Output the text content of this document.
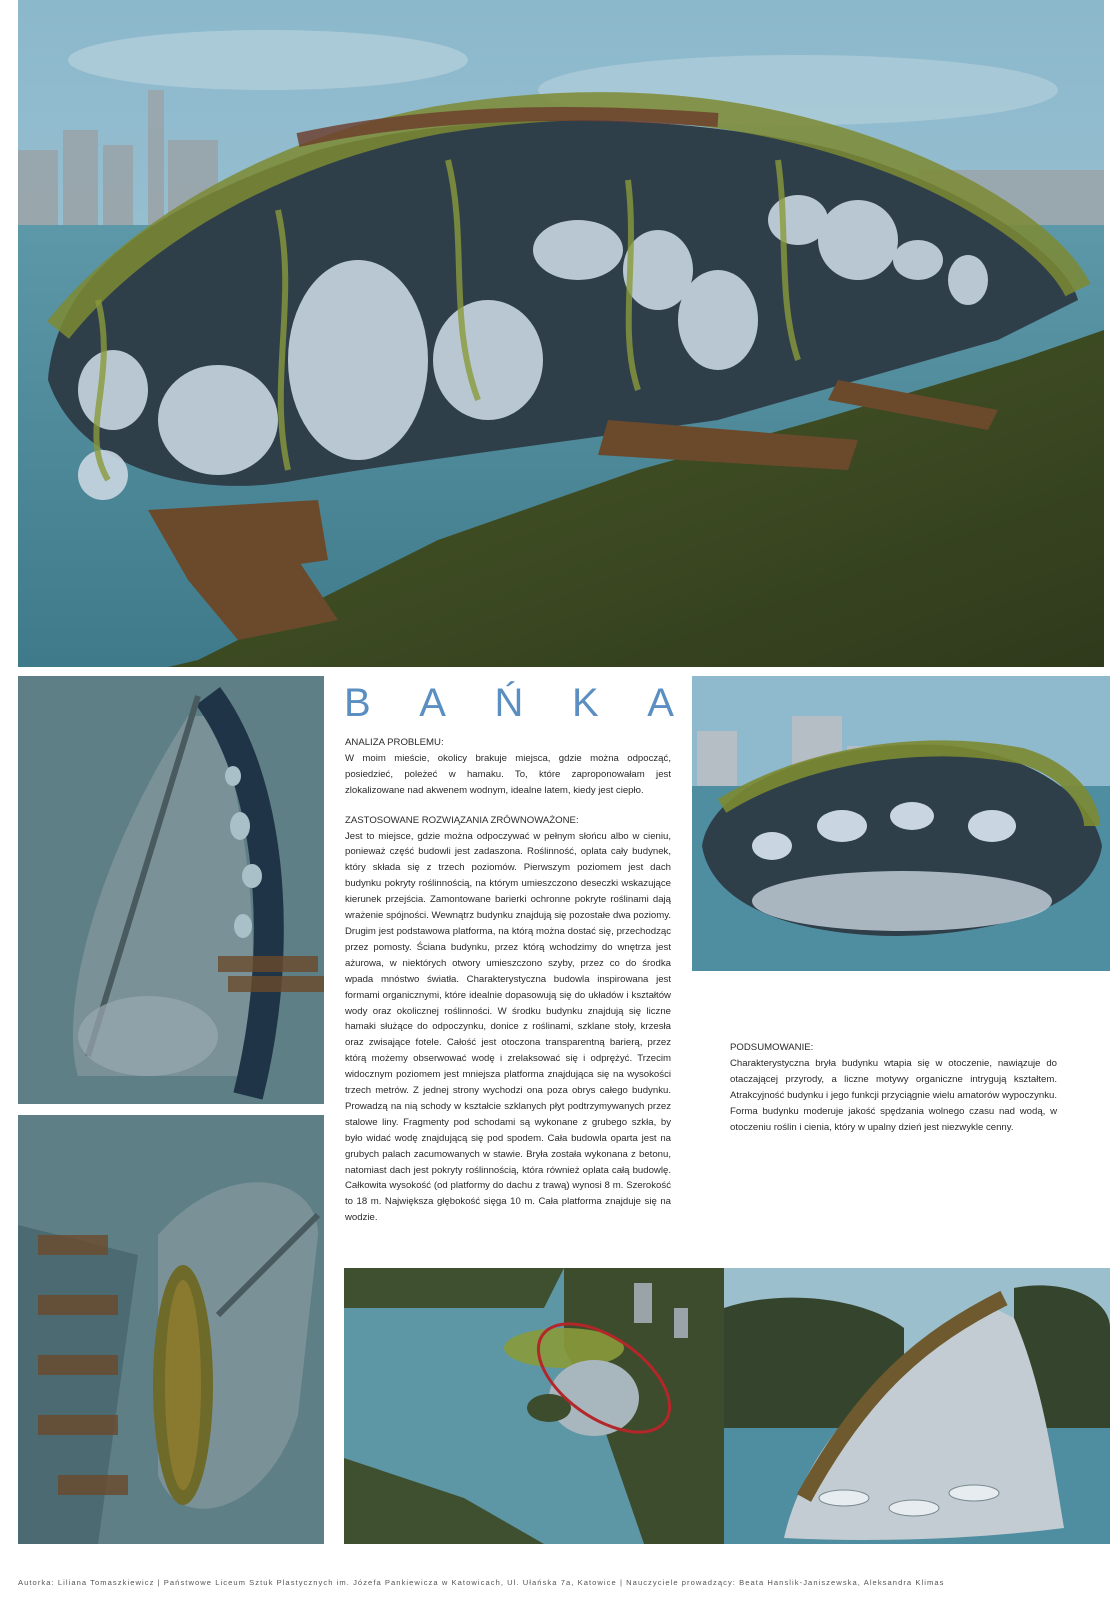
B A Ń K A

ANALIZA PROBLEMU:

W moim mieście, okolicy brakuje miejsca, gdzie można odpocząć, posiedzieć, poleżeć w hamaku. To, które zaproponowałam jest zlokalizowane nad akwenem wodnym, idealne latem, kiedy jest ciepło.

ZASTOSOWANE ROZWIĄZANIA ZRÓWNOWAŻONE:

Jest to miejsce, gdzie można odpoczywać w pełnym słońcu albo w cieniu, ponieważ część budowli jest zadaszona. Roślinność, oplata cały budynek, który składa się z trzech poziomów. Pierwszym poziomem jest dach budynku pokryty roślinnością, na którym umieszczono deseczki wskazujące kierunek przejścia. Zamontowane barierki ochronne pokryte roślinami dają wrażenie spójności. Wewnątrz budynku znajdują się pozostałe dwa poziomy. Drugim jest podstawowa platforma, na którą można dostać się, przechodząc przez pomosty. Ściana budynku, przez którą wchodzimy do wnętrza jest ażurowa, w niektórych otwory umieszczono szyby, przez co do środka wpada mnóstwo światła. Charakterystyczna budowla inspirowana jest formami organicznymi, które idealnie dopasowują się do układów i kształtów wody oraz okolicznej roślinności. W środku budynku znajdują się liczne hamaki służące do odpoczynku, donice z roślinami, szklane stoły, krzesła oraz zwisające fotele. Całość jest otoczona transparentną barierą, przez którą możemy obserwować wodę i zrelaksować się i odprężyć. Trzecim widocznym poziomem jest mniejsza platforma znajdująca się na wysokości trzech metrów. Z jednej strony wychodzi ona poza obrys całego budynku. Prowadzą na nią schody w kształcie szklanych płyt podtrzymywanych przez stalowe liny. Fragmenty pod schodami są wykonane z grubego szkła, by było widać wodę znajdującą się pod spodem. Cała budowla oparta jest na grubych palach zacumowanych w stawie. Bryła została wykonana z betonu, natomiast dach jest pokryty roślinnością, która również oplata całą budowlę. Całkowita wysokość (od platformy do dachu z trawą) wynosi 8 m. Szerokość to 18 m. Największa głębokość sięga 10 m. Cała platforma znajduje się na wodzie.

PODSUMOWANIE:

Charakterystyczna bryła budynku wtapia się w otoczenie, nawiązuje do otaczającej przyrody, a liczne motywy organiczne intrygują kształtem. Atrakcyjność budynku i jego funkcji przyciągnie wielu amatorów wypoczynku. Forma budynku moderuje jakość spędzania wolnego czasu nad wodą, w otoczeniu roślin i cienia, który w upalny dzień jest niezwykle cenny.

Autorka: Liliana Tomaszkiewicz | Państwowe Liceum Sztuk Plastycznych im. Józefa Pankiewicza w Katowicach, Ul. Ułańska 7a, Katowice | Nauczyciele prowadzący: Beata Hanslik-Janiszewska, Aleksandra Klimas
